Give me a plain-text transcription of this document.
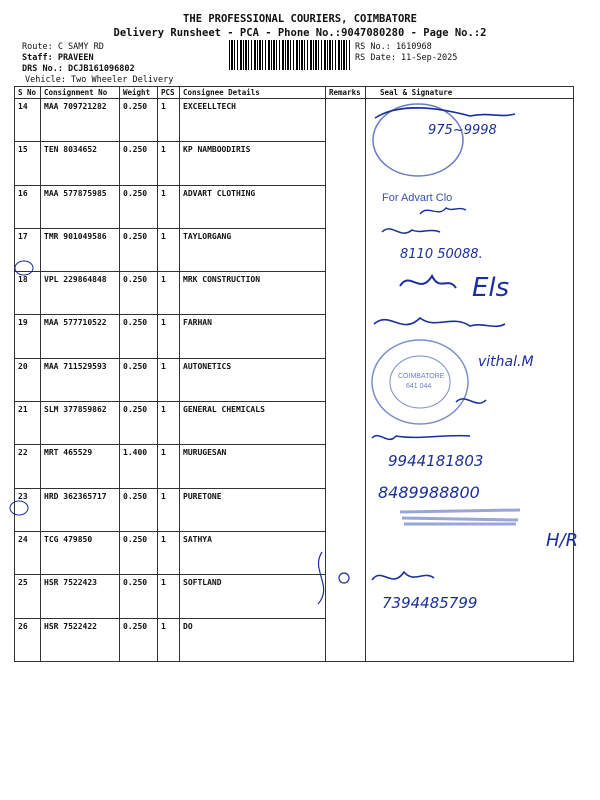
THE PROFESSIONAL COURIERS, COIMBATORE
Delivery Runsheet - PCA - Phone No.:9047080280 - Page No.:2
Route: C SAMY RD
Staff: PRAVEEN
DRS No.: DCJB161096802
Vehicle: Two Wheeler Delivery
RS No.: 1610968
RS Date: 11-Sep-2025
S No	Consignment No	Weight	PCS	Consignee Details	Remarks	Seal & Signature
14	MAA 709721282	0.250	1	EXCEELLTECH		
15	TEN 8034652	0.250	1	KP NAMBOODIRIS		
16	MAA 577875985	0.250	1	ADVART CLOTHING		
17	TMR 901049586	0.250	1	TAYLORGANG		
18	VPL 229864848	0.250	1	MRK CONSTRUCTION		
19	MAA 577710522	0.250	1	FARHAN		
20	MAA 711529593	0.250	1	AUTONETICS		
21	SLM 377859862	0.250	1	GENERAL CHEMICALS		
22	MRT 465529	1.400	1	MURUGESAN		
23	HRD 362365717	0.250	1	PURETONE		
24	TCG 479850	0.250	1	SATHYA		
25	HSR 7522423	0.250	1	SOFTLAND		
26	HSR 7522422	0.250	1	DO		
975~9998
For Advart Clo
8110 50088.
Els
COIMBATORE
641 044
vithal.M
9944181803
8489988800
H/R
7394485799
